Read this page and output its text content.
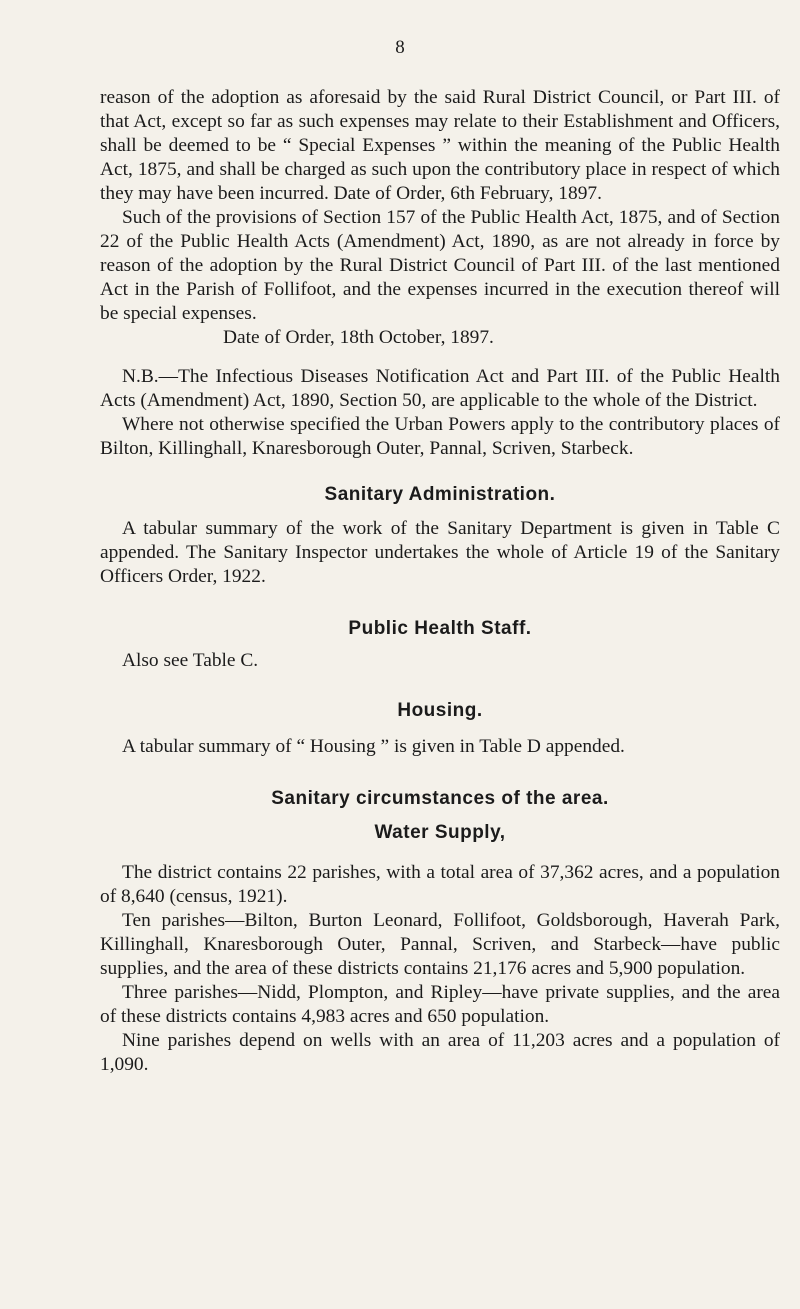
8

reason of the adoption as aforesaid by the said Rural District Council, or Part III. of that Act, except so far as such expenses may relate to their Establishment and Officers, shall be deemed to be “ Special Expenses ” within the meaning of the Public Health Act, 1875, and shall be charged as such upon the contributory place in respect of which they may have been incurred. Date of Order, 6th February, 1897.

Such of the provisions of Section 157 of the Public Health Act, 1875, and of Section 22 of the Public Health Acts (Amendment) Act, 1890, as are not already in force by reason of the adoption by the Rural District Council of Part III. of the last mentioned Act in the Parish of Follifoot, and the expenses incurred in the execution thereof will be special expenses.

Date of Order, 18th October, 1897.

N.B.—The Infectious Diseases Notification Act and Part III. of the Public Health Acts (Amendment) Act, 1890, Section 50, are applicable to the whole of the District.

Where not otherwise specified the Urban Powers apply to the contributory places of Bilton, Killinghall, Knaresborough Outer, Pannal, Scriven, Starbeck.

Sanitary Administration.

A tabular summary of the work of the Sanitary Department is given in Table C appended. The Sanitary Inspector undertakes the whole of Article 19 of the Sanitary Officers Order, 1922.

Public Health Staff.

Also see Table C.

Housing.

A tabular summary of “ Housing ” is given in Table D appended.

Sanitary circumstances of the area.
Water Supply,

The district contains 22 parishes, with a total area of 37,362 acres, and a population of 8,640 (census, 1921).

Ten parishes—Bilton, Burton Leonard, Follifoot, Goldsborough, Haverah Park, Killinghall, Knaresborough Outer, Pannal, Scriven, and Starbeck—have public supplies, and the area of these districts contains 21,176 acres and 5,900 population.

Three parishes—Nidd, Plompton, and Ripley—have private supplies, and the area of these districts contains 4,983 acres and 650 population.

Nine parishes depend on wells with an area of 11,203 acres and a population of 1,090.
